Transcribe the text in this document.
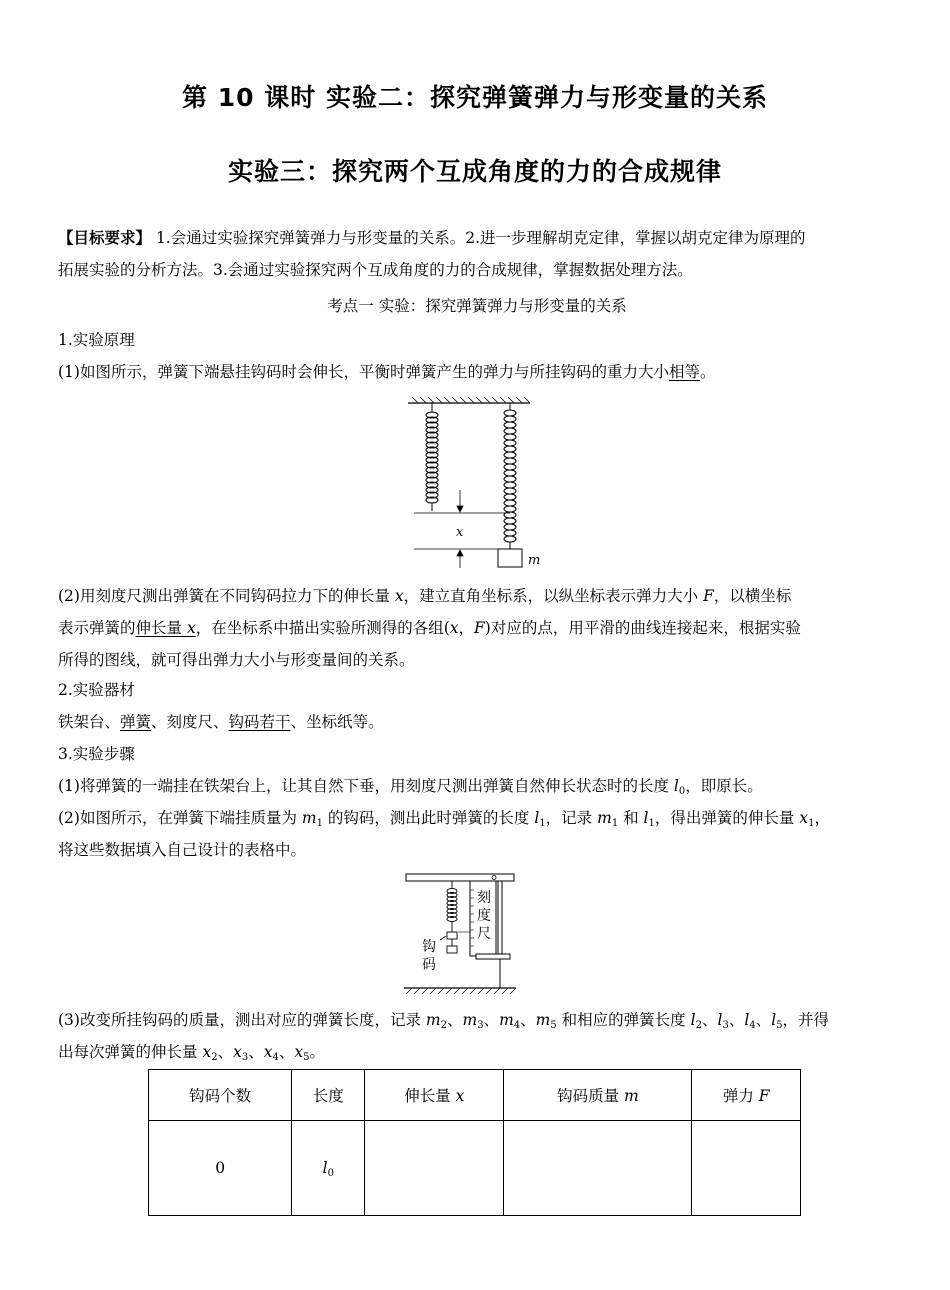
第 10 课时 实验二：探究弹簧弹力与形变量的关系
实验三：探究两个互成角度的力的合成规律
【目标要求】 1.会通过实验探究弹簧弹力与形变量的关系。2.进一步理解胡克定律，掌握以胡克定律为原理的
拓展实验的分析方法。3.会通过实验探究两个互成角度的力的合成规律，掌握数据处理方法。
考点一 实验：探究弹簧弹力与形变量的关系
1.实验原理
(1)如图所示，弹簧下端悬挂钩码时会伸长，平衡时弹簧产生的弹力与所挂钩码的重力大小相等。
x
m
(2)用刻度尺测出弹簧在不同钩码拉力下的伸长量 x，建立直角坐标系，以纵坐标表示弹力大小 F，以横坐标
表示弹簧的伸长量 x，在坐标系中描出实验所测得的各组(x，F)对应的点，用平滑的曲线连接起来，根据实验
所得的图线，就可得出弹力大小与形变量间的关系。
2.实验器材
铁架台、弹簧、刻度尺、钩码若干、坐标纸等。
3.实验步骤
(1)将弹簧的一端挂在铁架台上，让其自然下垂，用刻度尺测出弹簧自然伸长状态时的长度 $l_0$，即原长。
(2)如图所示，在弹簧下端挂质量为 $m_1$ 的钩码，测出此时弹簧的长度 $l_1$，记录 $m_1$ 和 $l_1$，得出弹簧的伸长量 $x_1$，
将这些数据填入自己设计的表格中。
刻
度
尺
钩
码
(3)改变所挂钩码的质量，测出对应的弹簧长度，记录 $m_2$、$m_3$、$m_4$、$m_5$ 和相应的弹簧长度 $l_2$、$l_3$、$l_4$、$l_5$，并得
出每次弹簧的伸长量 $x_2$、$x_3$、$x_4$、$x_5$。
钩码个数	长度	伸长量 x	钩码质量 m	弹力 F
0	$l_0$			
